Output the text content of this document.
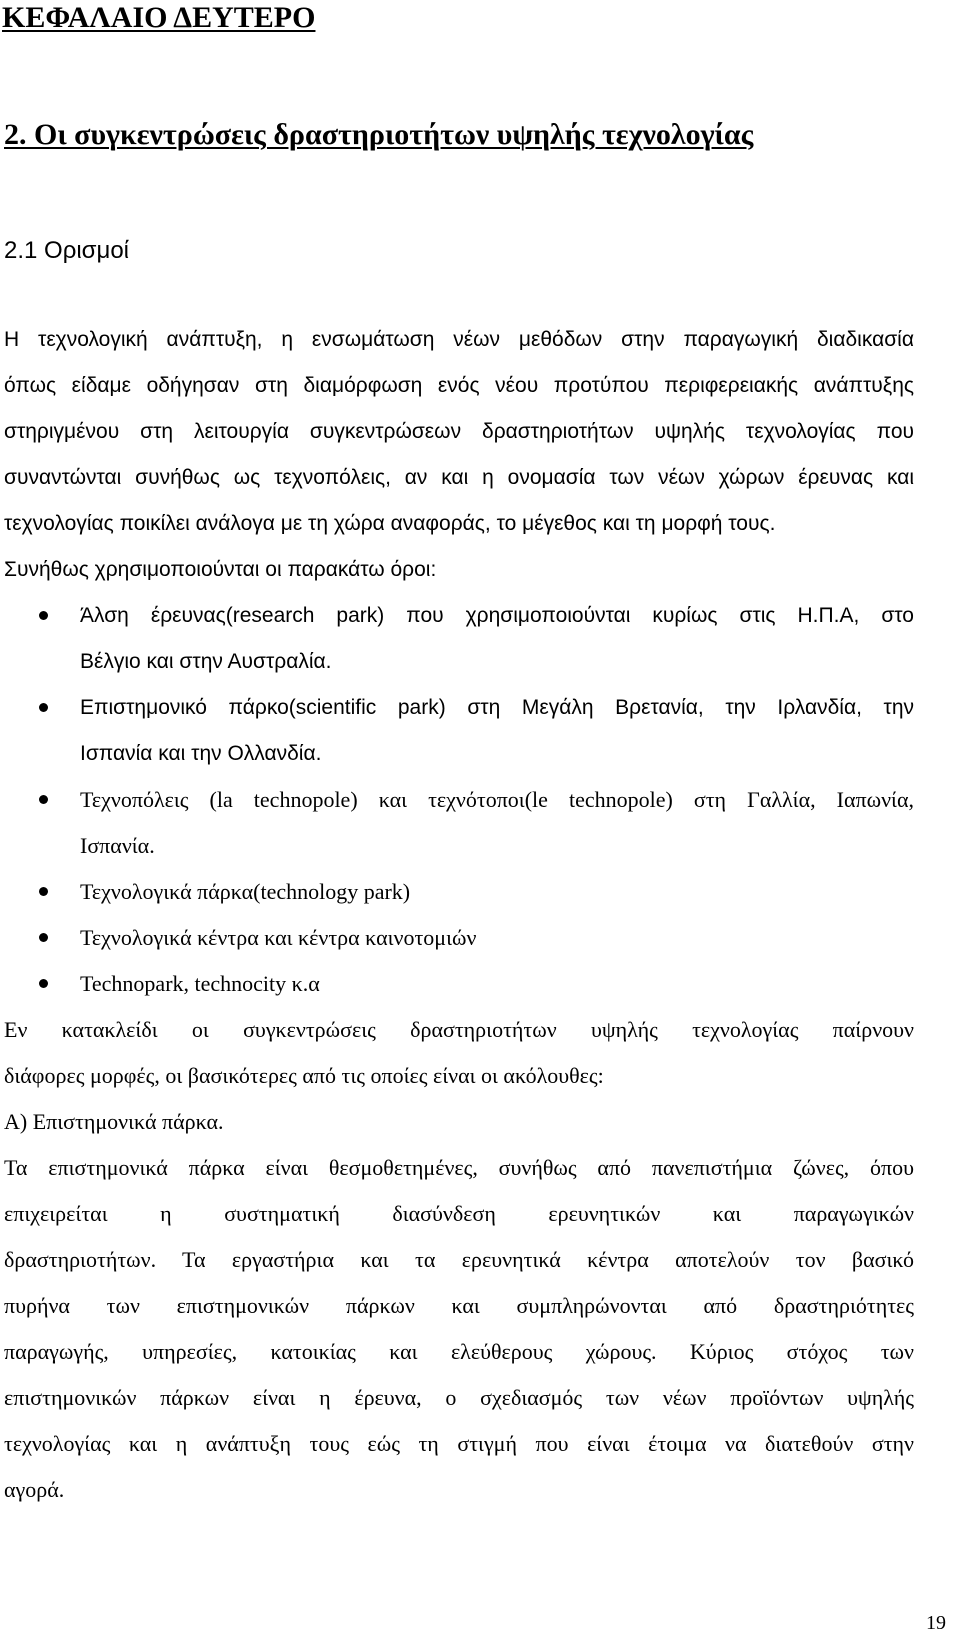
ΚΕΦΑΛΑΙΟ ΔΕΥΤΕΡΟ
2. Οι συγκεντρώσεις δραστηριοτήτων υψηλής τεχνολογίας
2.1 Ορισμοί
Η τεχνολογική ανάπτυξη, η ενσωμάτωση νέων μεθόδων στην παραγωγική διαδικασία
όπως είδαμε οδήγησαν στη διαμόρφωση ενός νέου προτύπου περιφερειακής ανάπτυξης
στηριγμένου στη λειτουργία συγκεντρώσεων δραστηριοτήτων υψηλής τεχνολογίας που
συναντώνται συνήθως ως τεχνοπόλεις, αν και η ονομασία των νέων χώρων έρευνας και
τεχνολογίας ποικίλει ανάλογα με τη χώρα αναφοράς, το μέγεθος και τη μορφή τους.
Συνήθως χρησιμοποιούνται οι παρακάτω όροι:
Άλση έρευνας(research park) που χρησιμοποιούνται κυρίως στις Η.Π.Α, στο
Βέλγιο και στην Αυστραλία.
Επιστημονικό πάρκο(scientific park) στη Μεγάλη Βρετανία, την Ιρλανδία, την
Ισπανία και την Ολλανδία.
Τεχνοπόλεις (la technopole) και τεχνότοποι(le technopole) στη Γαλλία, Ιαπωνία,
Ισπανία.
Τεχνολογικά πάρκα(technology park)
Τεχνολογικά κέντρα και κέντρα καινοτομιών
Technopark, technocity κ.α
Εν κατακλείδι οι συγκεντρώσεις δραστηριοτήτων υψηλής τεχνολογίας παίρνουν
διάφορες μορφές, οι βασικότερες από τις οποίες είναι οι ακόλουθες:
Α) Επιστημονικά πάρκα.
Τα επιστημονικά πάρκα είναι θεσμοθετημένες, συνήθως από πανεπιστήμια ζώνες, όπου
επιχειρείται η συστηματική διασύνδεση ερευνητικών και παραγωγικών
δραστηριοτήτων. Τα εργαστήρια και τα ερευνητικά κέντρα αποτελούν τον βασικό
πυρήνα των επιστημονικών πάρκων και συμπληρώνονται από δραστηριότητες
παραγωγής, υπηρεσίες, κατοικίας και ελεύθερους χώρους. Κύριος στόχος των
επιστημονικών πάρκων είναι η έρευνα, ο σχεδιασμός των νέων προϊόντων υψηλής
τεχνολογίας και η ανάπτυξη τους εώς τη στιγμή που είναι έτοιμα να διατεθούν στην
αγορά.
19
